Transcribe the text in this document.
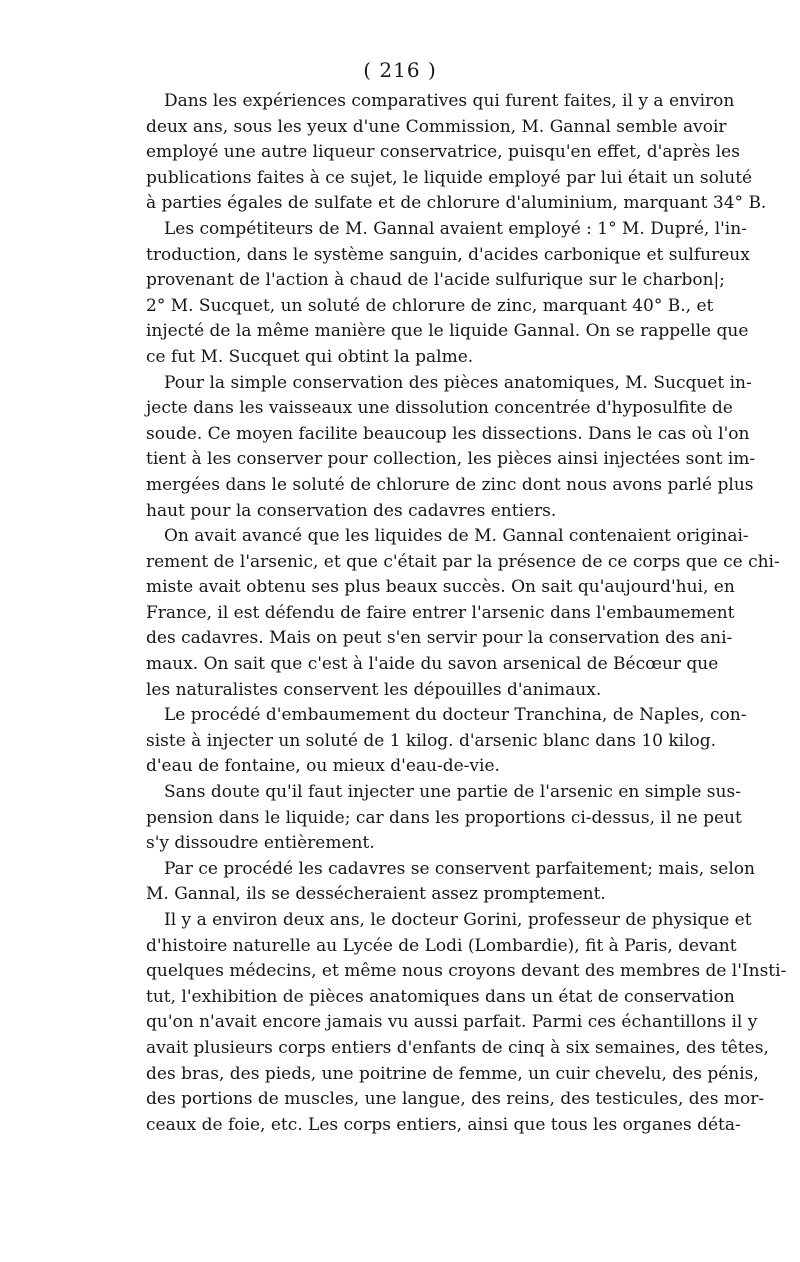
( 216 )
Dans les expériences comparatives qui furent faites, il y a environ
deux ans, sous les yeux d'une Commission, M. Gannal semble avoir
employé une autre liqueur conservatrice, puisqu'en effet, d'après les
publications faites à ce sujet, le liquide employé par lui était un soluté
à parties égales de sulfate et de chlorure d'aluminium, marquant 34° B.
Les compétiteurs de M. Gannal avaient employé : 1° M. Dupré, l'in-
troduction, dans le système sanguin, d'acides carbonique et sulfureux
provenant de l'action à chaud de l'acide sulfurique sur le charbon|;
2° M. Sucquet, un soluté de chlorure de zinc, marquant 40° B., et
injecté de la même manière que le liquide Gannal. On se rappelle que
ce fut M. Sucquet qui obtint la palme.
Pour la simple conservation des pièces anatomiques, M. Sucquet in-
jecte dans les vaisseaux une dissolution concentrée d'hyposulfite de
soude. Ce moyen facilite beaucoup les dissections. Dans le cas où l'on
tient à les conserver pour collection, les pièces ainsi injectées sont im-
mergées dans le soluté de chlorure de zinc dont nous avons parlé plus
haut pour la conservation des cadavres entiers.
On avait avancé que les liquides de M. Gannal contenaient originai-
rement de l'arsenic, et que c'était par la présence de ce corps que ce chi-
miste avait obtenu ses plus beaux succès. On sait qu'aujourd'hui, en
France, il est défendu de faire entrer l'arsenic dans l'embaumement
des cadavres. Mais on peut s'en servir pour la conservation des ani-
maux. On sait que c'est à l'aide du savon arsenical de Bécœur que
les naturalistes conservent les dépouilles d'animaux.
Le procédé d'embaumement du docteur Tranchina, de Naples, con-
siste à injecter un soluté de 1 kilog. d'arsenic blanc dans 10 kilog.
d'eau de fontaine, ou mieux d'eau-de-vie.
Sans doute qu'il faut injecter une partie de l'arsenic en simple sus-
pension dans le liquide; car dans les proportions ci-dessus, il ne peut
s'y dissoudre entièrement.
Par ce procédé les cadavres se conservent parfaitement; mais, selon
M. Gannal, ils se dessécheraient assez promptement.
Il y a environ deux ans, le docteur Gorini, professeur de physique et
d'histoire naturelle au Lycée de Lodi (Lombardie), fit à Paris, devant
quelques médecins, et même nous croyons devant des membres de l'Insti-
tut, l'exhibition de pièces anatomiques dans un état de conservation
qu'on n'avait encore jamais vu aussi parfait. Parmi ces échantillons il y
avait plusieurs corps entiers d'enfants de cinq à six semaines, des têtes,
des bras, des pieds, une poitrine de femme, un cuir chevelu, des pénis,
des portions de muscles, une langue, des reins, des testicules, des mor-
ceaux de foie, etc. Les corps entiers, ainsi que tous les organes déta-
